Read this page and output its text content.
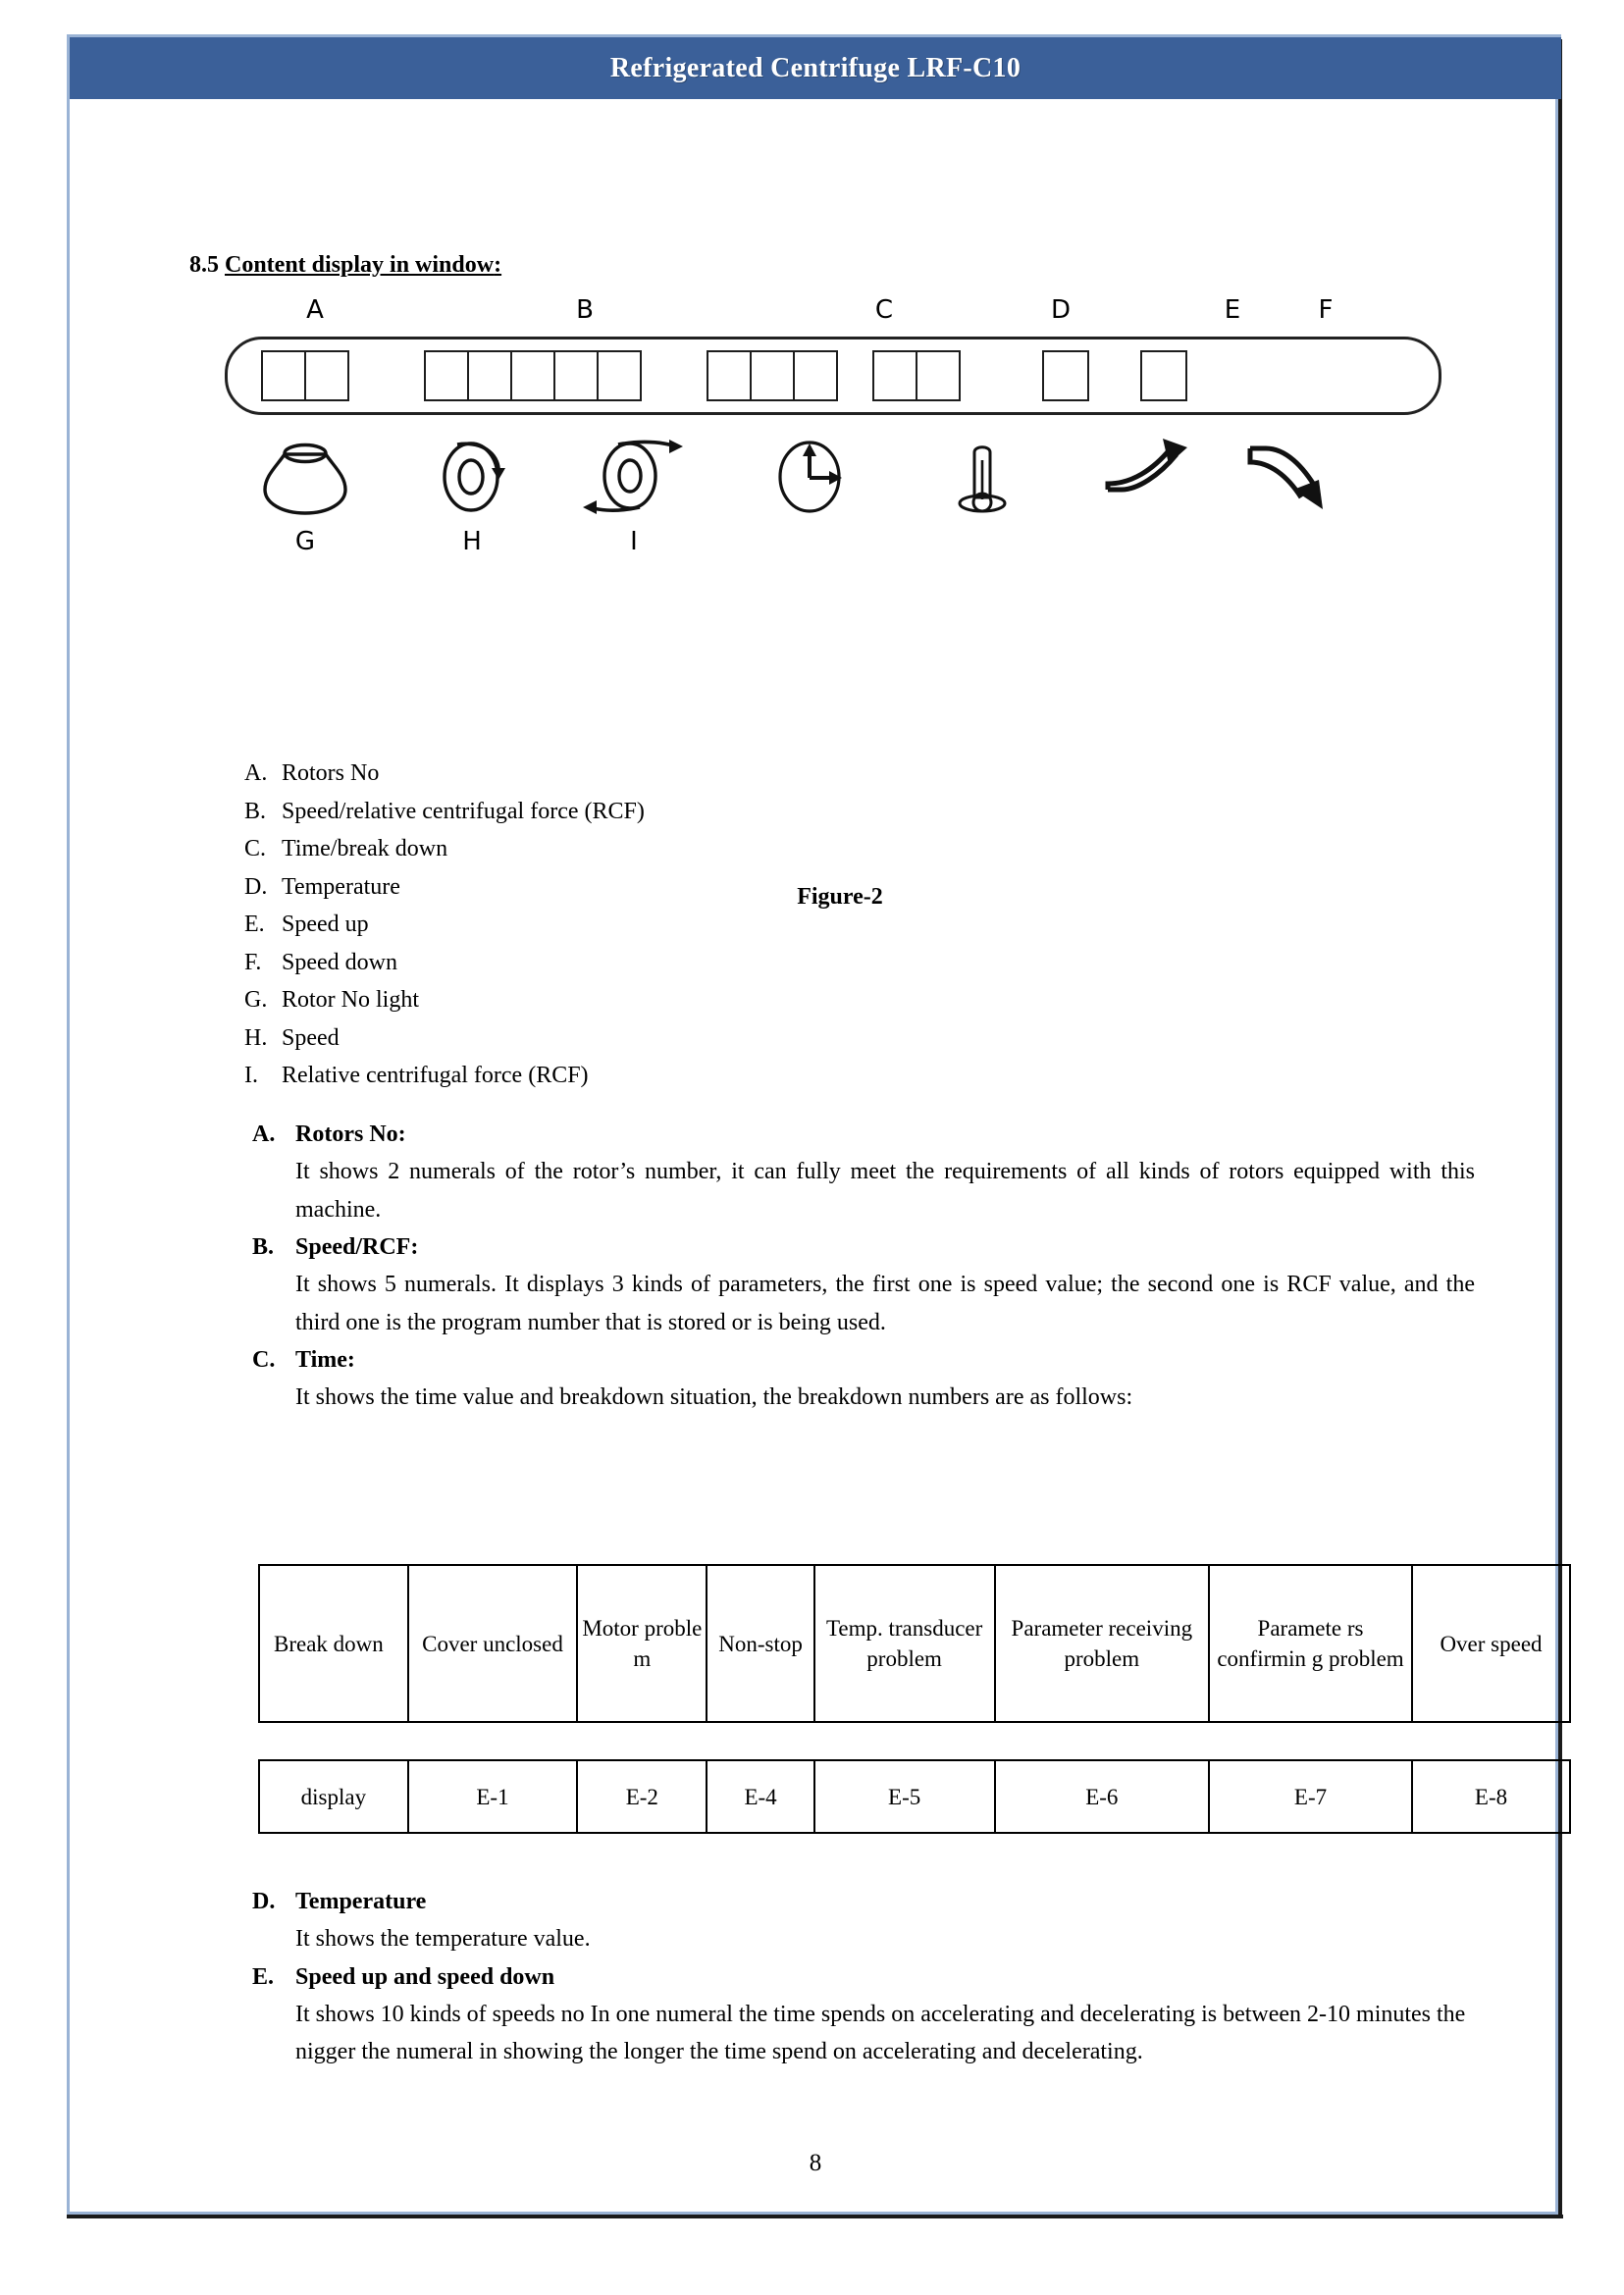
Refrigerated Centrifuge LRF-C10
8.5 Content display in window:
A	B	C	D	E	F
G	H	I
Figure-2
A. Rotors No
B. Speed/relative centrifugal force (RCF)
C. Time/break down
D. Temperature
E. Speed up
F. Speed down
G. Rotor No light
H. Speed
I.	Relative centrifugal force (RCF)
A. Rotors No:
It shows 2 numerals of the rotor’s number, it can fully meet the requirements of all kinds of rotors equipped with this machine.
B. Speed/RCF:
It shows 5 numerals. It displays 3 kinds of parameters, the first one is speed value; the second one is RCF value, and the third one is the program number that is stored or is being used.
C. Time:
It shows the time value and breakdown situation, the breakdown numbers are as follows:
Break down	Cover unclosed	Motor proble m	Non-stop	Temp. transducer problem	Parameter receiving problem	Paramete rs confirmin g problem	Over speed
display	E-1	E-2	E-4	E-5	E-6	E-7	E-8
D. Temperature
It shows the temperature value.
E. Speed up and speed down
It shows 10 kinds of speeds no In one numeral the time spends on accelerating and decelerating is between 2-10 minutes the nigger the numeral in showing the longer the time spend on accelerating and decelerating.
8
